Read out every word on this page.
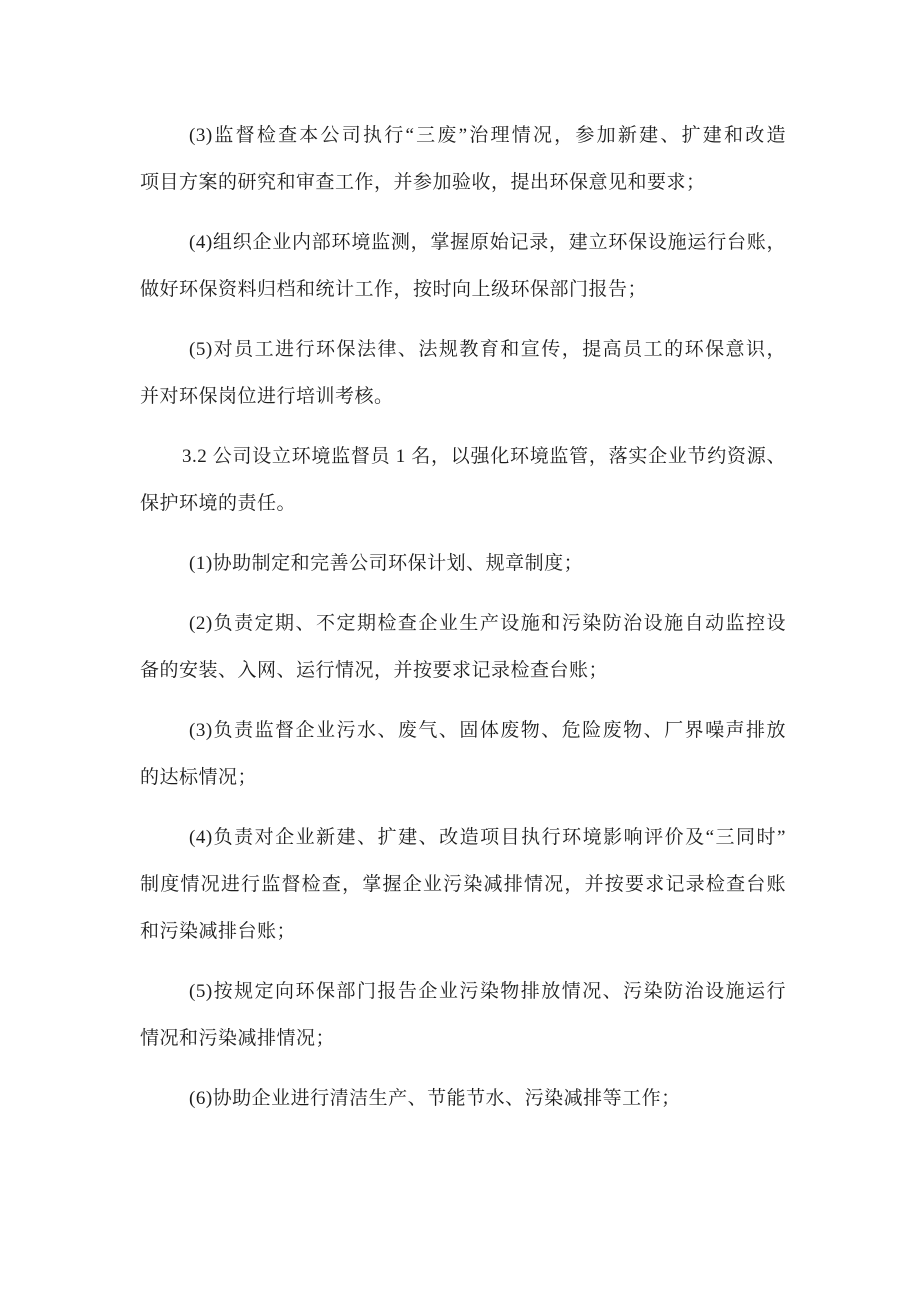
(3)监督检查本公司执行“三废”治理情况，参加新建、扩建和改造
项目方案的研究和审查工作，并参加验收，提出环保意见和要求；
(4)组织企业内部环境监测，掌握原始记录，建立环保设施运行台账，
做好环保资料归档和统计工作，按时向上级环保部门报告；
(5)对员工进行环保法律、法规教育和宣传，提高员工的环保意识，
并对环保岗位进行培训考核。
3.2 公司设立环境监督员 1 名，以强化环境监管，落实企业节约资源、
保护环境的责任。
(1)协助制定和完善公司环保计划、规章制度；
(2)负责定期、不定期检查企业生产设施和污染防治设施自动监控设
备的安装、入网、运行情况，并按要求记录检查台账；
(3)负责监督企业污水、废气、固体废物、危险废物、厂界噪声排放
的达标情况；
(4)负责对企业新建、扩建、改造项目执行环境影响评价及“三同时”
制度情况进行监督检查，掌握企业污染减排情况，并按要求记录检查台账
和污染减排台账；
(5)按规定向环保部门报告企业污染物排放情况、污染防治设施运行
情况和污染减排情况；
(6)协助企业进行清洁生产、节能节水、污染减排等工作；
